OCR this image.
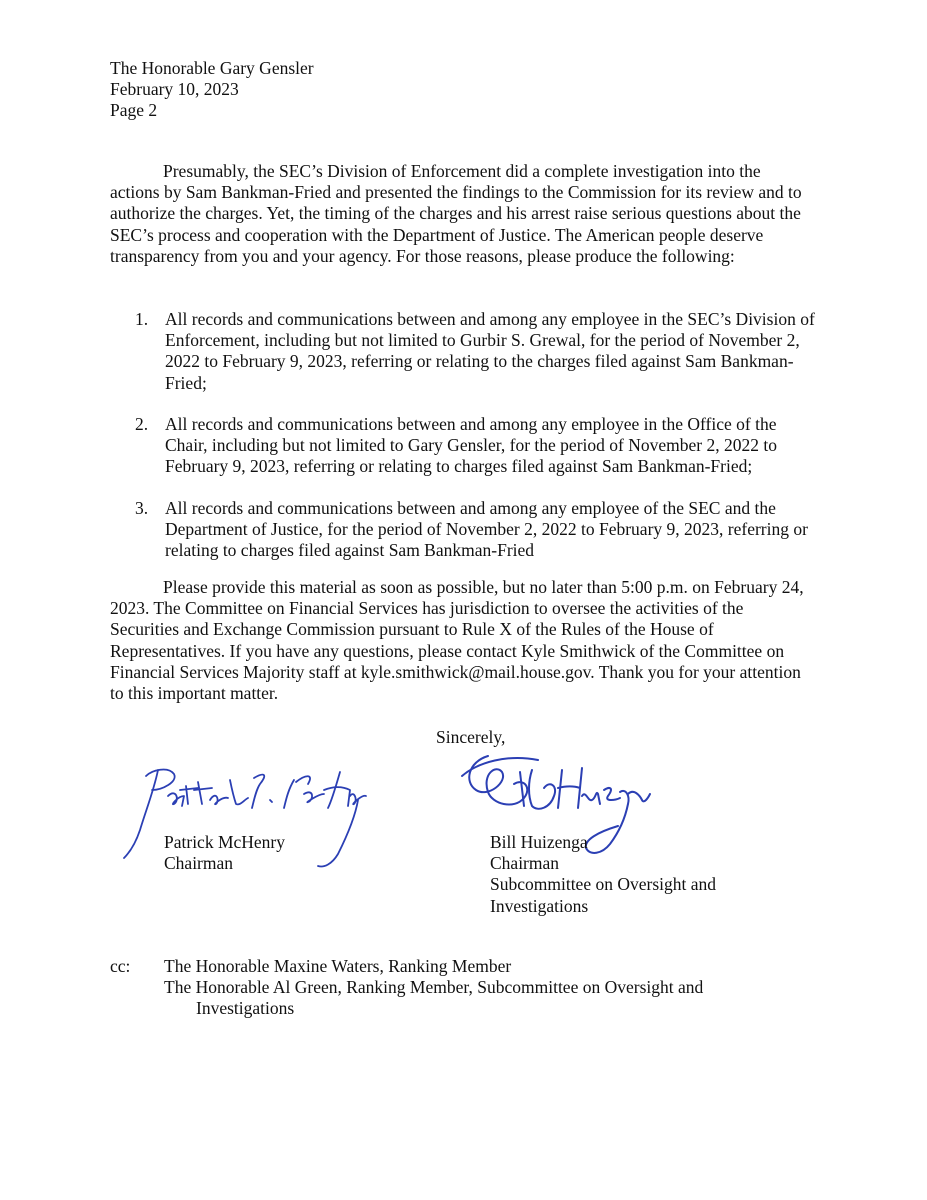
The Honorable Gary Gensler
February 10, 2023
Page 2
Presumably, the SEC’s Division of Enforcement did a complete investigation into the actions by Sam Bankman-Fried and presented the findings to the Commission for its review and to authorize the charges. Yet, the timing of the charges and his arrest raise serious questions about the SEC’s process and cooperation with the Department of Justice. The American people deserve transparency from you and your agency. For those reasons, please produce the following:
1. All records and communications between and among any employee in the SEC’s Division of Enforcement, including but not limited to Gurbir S. Grewal, for the period of November 2, 2022 to February 9, 2023, referring or relating to the charges filed against Sam Bankman-Fried;
2. All records and communications between and among any employee in the Office of the Chair, including but not limited to Gary Gensler, for the period of November 2, 2022 to February 9, 2023, referring or relating to charges filed against Sam Bankman-Fried;
3. All records and communications between and among any employee of the SEC and the Department of Justice, for the period of November 2, 2022 to February 9, 2023, referring or relating to charges filed against Sam Bankman-Fried
Please provide this material as soon as possible, but no later than 5:00 p.m. on February 24, 2023. The Committee on Financial Services has jurisdiction to oversee the activities of the Securities and Exchange Commission pursuant to Rule X of the Rules of the House of Representatives. If you have any questions, please contact Kyle Smithwick of the Committee on Financial Services Majority staff at kyle.smithwick@mail.house.gov. Thank you for your attention to this important matter.
Sincerely,
Patrick McHenry
Chairman
Bill Huizenga
Chairman
Subcommittee on Oversight and Investigations
cc: The Honorable Maxine Waters, Ranking Member
The Honorable Al Green, Ranking Member, Subcommittee on Oversight and
Investigations
